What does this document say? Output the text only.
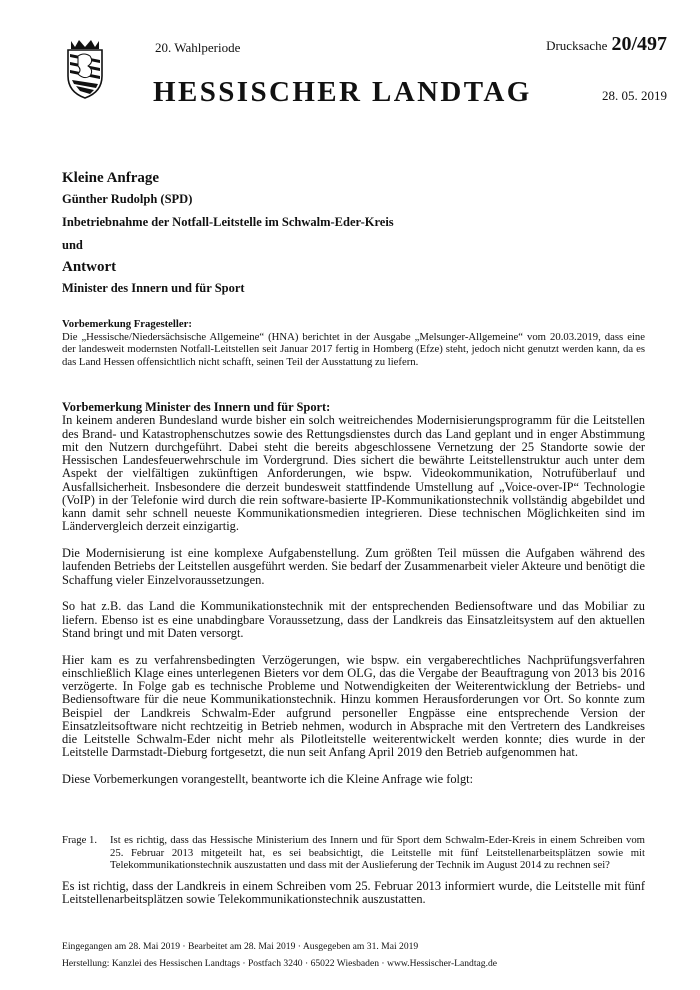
20. Wahlperiode	Drucksache 20/497
HESSISCHER LANDTAG	28. 05. 2019
Kleine Anfrage
Günther Rudolph (SPD)
Inbetriebnahme der Notfall-Leitstelle im Schwalm-Eder-Kreis
und
Antwort
Minister des Innern und für Sport
Vorbemerkung Fragesteller:
Die „Hessische/Niedersächsische Allgemeine“ (HNA) berichtet in der Ausgabe „Melsunger-Allgemeine“ vom 20.03.2019, dass eine der landesweit modernsten Notfall-Leitstellen seit Januar 2017 fertig in Homberg (Efze) steht, jedoch nicht genutzt werden kann, da es das Land Hessen offensichtlich nicht schafft, seinen Teil der Ausstattung zu liefern.
Vorbemerkung Minister des Innern und für Sport:

In keinem anderen Bundesland wurde bisher ein solch weitreichendes Modernisierungsprogramm für die Leitstellen des Brand- und Katastrophenschutzes sowie des Rettungsdienstes durch das Land geplant und in enger Abstimmung mit den Nutzern durchgeführt. Dabei steht die bereits abgeschlossene Vernetzung der 25 Standorte sowie der Hessischen Landesfeuerwehrschule im Vordergrund. Dies sichert die bewährte Leitstellenstruktur auch unter dem Aspekt der vielfältigen zukünftigen Anforderungen, wie bspw. Videokommunikation, Notrufüberlauf und Ausfallsicherheit. Insbesondere die derzeit bundesweit stattfindende Umstellung auf „Voice-over-IP“ Technologie (VoIP) in der Telefonie wird durch die rein software-basierte IP-Kommunikationstechnik vollständig abgebildet und kann damit sehr schnell neueste Kommunikationsmedien integrieren. Diese technischen Möglichkeiten sind im Ländervergleich derzeit einzigartig.

Die Modernisierung ist eine komplexe Aufgabenstellung. Zum größten Teil müssen die Aufgaben während des laufenden Betriebs der Leitstellen ausgeführt werden. Sie bedarf der Zusammenarbeit vieler Akteure und benötigt die Schaffung vieler Einzelvoraussetzungen.

So hat z.B. das Land die Kommunikationstechnik mit der entsprechenden Bediensoftware und das Mobiliar zu liefern. Ebenso ist es eine unabdingbare Voraussetzung, dass der Landkreis das Einsatzleitsystem auf den aktuellen Stand bringt und mit Daten versorgt.

Hier kam es zu verfahrensbedingten Verzögerungen, wie bspw. ein vergaberechtliches Nachprüfungsverfahren einschließlich Klage eines unterlegenen Bieters vor dem OLG, das die Vergabe der Beauftragung von 2013 bis 2016 verzögerte. In Folge gab es technische Probleme und Notwendigkeiten der Weiterentwicklung der Betriebs- und Bediensoftware für die neue Kommunikationstechnik. Hinzu kommen Herausforderungen vor Ort. So konnte zum Beispiel der Landkreis Schwalm-Eder aufgrund personeller Engpässe eine entsprechende Version der Einsatzleitsoftware nicht rechtzeitig in Betrieb nehmen, wodurch in Absprache mit den Vertretern des Landkreises die Leitstelle Schwalm-Eder nicht mehr als Pilotleitstelle weiterentwickelt werden konnte; dies wurde in der Leitstelle Darmstadt-Dieburg fortgesetzt, die nun seit Anfang April 2019 den Betrieb aufgenommen hat.

Diese Vorbemerkungen vorangestellt, beantworte ich die Kleine Anfrage wie folgt:

Frage 1.	Ist es richtig, dass das Hessische Ministerium des Innern und für Sport dem Schwalm-Eder-Kreis in einem Schreiben vom 25. Februar 2013 mitgeteilt hat, es sei beabsichtigt, die Leitstelle mit fünf Leitstellenarbeitsplätzen sowie mit Telekommunikationstechnik auszustatten und dass mit der Auslieferung der Technik im August 2014 zu rechnen sei?
Es ist richtig, dass der Landkreis in einem Schreiben vom 25. Februar 2013 informiert wurde, die Leitstelle mit fünf Leitstellenarbeitsplätzen sowie Telekommunikationstechnik auszustatten.
Eingegangen am 28. Mai 2019 · Bearbeitet am 28. Mai 2019 · Ausgegeben am 31. Mai 2019
Herstellung: Kanzlei des Hessischen Landtags · Postfach 3240 · 65022 Wiesbaden · www.Hessischer-Landtag.de
